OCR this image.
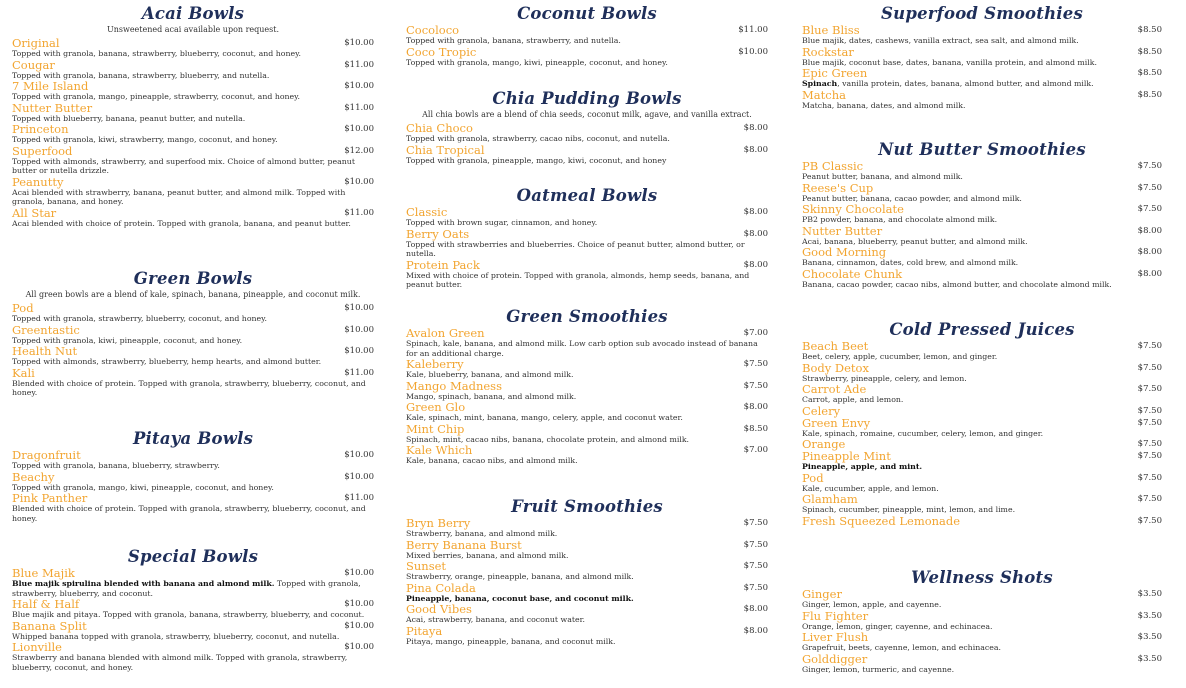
Acai Bowls
Unsweetened acai available upon request.
Original	$10.00
Topped with granola, banana, strawberry, blueberry, coconut, and honey.
Cougar	$11.00
Topped with granola, banana, strawberry, blueberry, and nutella.
7 Mile Island	$10.00
Topped with granola, mango, pineapple, strawberry, coconut, and honey.
Nutter Butter	$11.00
Topped with blueberry, banana, peanut butter, and nutella.
Princeton	$10.00
Topped with granola, kiwi, strawberry, mango, coconut, and honey.
Superfood	$12.00
Topped with almonds, strawberry, and superfood mix. Choice of almond butter, peanut butter or nutella drizzle.
Peanutty	$10.00
Acai blended with strawberry, banana, peanut butter, and almond milk. Topped with granola, banana, and honey.
All Star	$11.00
Acai blended with choice of protein. Topped with granola, banana, and peanut butter.
Green Bowls
All green bowls are a blend of kale, spinach, banana, pineapple, and coconut milk.
Pod	$10.00
Topped with granola, strawberry, blueberry, coconut, and honey.
Greentastic	$10.00
Topped with granola, kiwi, pineapple, coconut, and honey.
Health Nut	$10.00
Topped with almonds, strawberry, blueberry, hemp hearts, and almond butter.
Kali	$11.00
Blended with choice of protein. Topped with granola, strawberry, blueberry, coconut, and honey.
Pitaya Bowls
Dragonfruit	$10.00
Topped with granola, banana, blueberry, strawberry.
Beachy	$10.00
Topped with granola, mango, kiwi, pineapple, coconut, and honey.
Pink Panther	$11.00
Blended with choice of protein. Topped with granola, strawberry, blueberry, coconut, and honey.
Special Bowls
Blue Majik	$10.00
Blue majik spirulina blended with banana and almond milk. Topped with granola, strawberry, blueberry, and coconut.
Half & Half	$10.00
Blue majik and pitaya. Topped with granola, banana, strawberry, blueberry, and coconut.
Banana Split	$10.00
Whipped banana topped with granola, strawberry, blueberry, coconut, and nutella.
Lionville	$10.00
Strawberry and banana blended with almond milk. Topped with granola, strawberry, blueberry, coconut, and honey.
Coconut Bowls
Cocoloco	$11.00
Topped with granola, banana, strawberry, and nutella.
Coco Tropic	$10.00
Topped with granola, mango, kiwi, pineapple, coconut, and honey.
Chia Pudding Bowls
All chia bowls are a blend of chia seeds, coconut milk, agave, and vanilla extract.
Chia Choco	$8.00
Topped with granola, strawberry, cacao nibs, coconut, and nutella.
Chia Tropical	$8.00
Topped with granola, pineapple, mango, kiwi, coconut, and honey
Oatmeal Bowls
Classic	$8.00
Topped with brown sugar, cinnamon, and honey.
Berry Oats	$8.00
Topped with strawberries and blueberries. Choice of peanut butter, almond butter, or nutella.
Protein Pack	$8.00
Mixed with choice of protein. Topped with granola, almonds, hemp seeds, banana, and peanut butter.
Green Smoothies
Avalon Green	$7.00
Spinach, kale, banana, and almond milk. Low carb option sub avocado instead of banana for an additional charge.
Kaleberry	$7.50
Kale, blueberry, banana, and almond milk.
Mango Madness	$7.50
Mango, spinach, banana, and almond milk.
Green Glo	$8.00
Kale, spinach, mint, banana, mango, celery, apple, and coconut water.
Mint Chip	$8.50
Spinach, mint, cacao nibs, banana, chocolate protein, and almond milk.
Kale Which	$7.00
Kale, banana, cacao nibs, and almond milk.
Fruit Smoothies
Bryn Berry	$7.50
Strawberry, banana, and almond milk.
Berry Banana Burst	$7.50
Mixed berries, banana, and almond milk.
Sunset	$7.50
Strawberry, orange, pineapple, banana, and almond milk.
Pina Colada	$7.50
Pineapple, banana, coconut base, and coconut milk.
Good Vibes	$8.00
Acai, strawberry, banana, and coconut water.
Pitaya	$8.00
Pitaya, mango, pineapple, banana, and coconut milk.
Superfood Smoothies
Blue Bliss	$8.50
Blue majik, dates, cashews, vanilla extract, sea salt, and almond milk.
Rockstar	$8.50
Blue majik, coconut base, dates, banana, vanilla protein, and almond milk.
Epic Green	$8.50
Spinach, vanilla protein, dates, banana, almond butter, and almond milk.
Matcha	$8.50
Matcha, banana, dates, and almond milk.
Nut Butter Smoothies
PB Classic	$7.50
Peanut butter, banana, and almond milk.
Reese's Cup	$7.50
Peanut butter, banana, cacao powder, and almond milk.
Skinny Chocolate	$7.50
PB2 powder, banana, and chocolate almond milk.
Nutter Butter	$8.00
Acai, banana, blueberry, peanut butter, and almond milk.
Good Morning	$8.00
Banana, cinnamon, dates, cold brew, and almond milk.
Chocolate Chunk	$8.00
Banana, cacao powder, cacao nibs, almond butter, and chocolate almond milk.
Cold Pressed Juices
Beach Beet	$7.50
Beet, celery, apple, cucumber, lemon, and ginger.
Body Detox	$7.50
Strawberry, pineapple, celery, and lemon.
Carrot Ade	$7.50
Carrot, apple, and lemon.
Celery	$7.50
Green Envy	$7.50
Kale, spinach, romaine, cucumber, celery, lemon, and ginger.
Orange	$7.50
Pineapple Mint	$7.50
Pineapple, apple, and mint.
Pod	$7.50
Kale, cucumber, apple, and lemon.
Glamham	$7.50
Spinach, cucumber, pineapple, mint, lemon, and lime.
Fresh Squeezed Lemonade	$7.50
Wellness Shots
Ginger	$3.50
Ginger, lemon, apple, and cayenne.
Flu Fighter	$3.50
Orange, lemon, ginger, cayenne, and echinacea.
Liver Flush	$3.50
Grapefruit, beets, cayenne, lemon, and echinacea.
Golddigger	$3.50
Ginger, lemon, turmeric, and cayenne.
